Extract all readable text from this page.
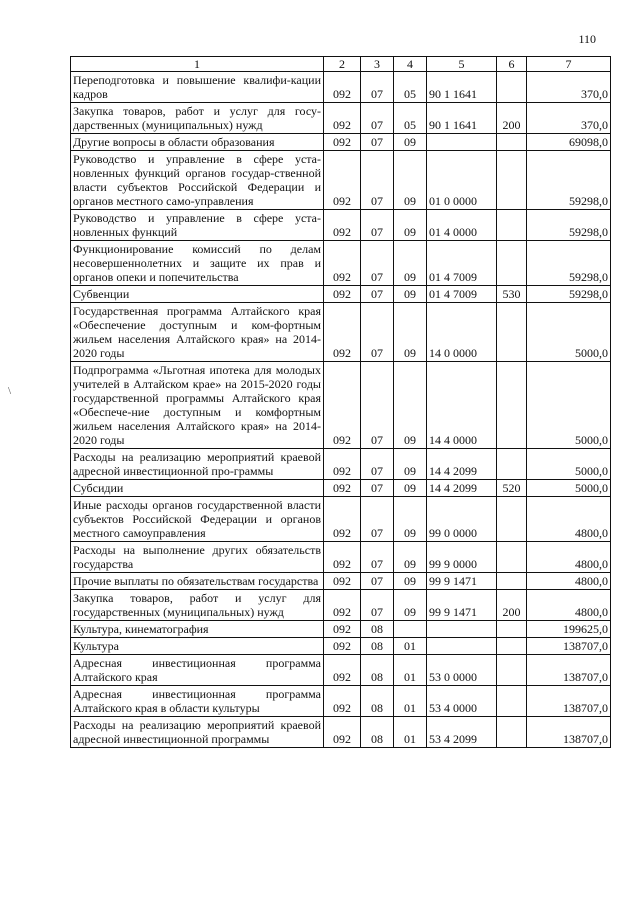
110
\
1	2	3	4	5	6	7
Переподготовка и повышение квалифи-кации кадров	092	07	05	90 1 1641		370,0
Закупка товаров, работ и услуг для госу-дарственных (муниципальных) нужд	092	07	05	90 1 1641	200	370,0
Другие вопросы в области образования	092	07	09			69098,0
Руководство и управление в сфере уста-новленных функций органов государ-ственной власти субъектов Российской Федерации и органов местного само-управления	092	07	09	01 0 0000		59298,0
Руководство и управление в сфере уста-новленных функций	092	07	09	01 4 0000		59298,0
Функционирование комиссий по делам несовершеннолетних и защите их прав и органов опеки и попечительства	092	07	09	01 4 7009		59298,0
Субвенции	092	07	09	01 4 7009	530	59298,0
Государственная программа Алтайского края «Обеспечение доступным и ком-фортным жильем населения Алтайского края» на 2014-2020 годы	092	07	09	14 0 0000		5000,0
Подпрограмма «Льготная ипотека для молодых учителей в Алтайском крае» на 2015-2020 годы государственной программы Алтайского края «Обеспече-ние доступным и комфортным жильем населения Алтайского края» на 2014-2020 годы	092	07	09	14 4 0000		5000,0
Расходы на реализацию мероприятий краевой адресной инвестиционной про-граммы	092	07	09	14 4 2099		5000,0
Субсидии	092	07	09	14 4 2099	520	5000,0
Иные расходы органов государственной власти субъектов Российской Федерации и органов местного самоуправления	092	07	09	99 0 0000		4800,0
Расходы на выполнение других обязательств государства	092	07	09	99 9 0000		4800,0
Прочие выплаты по обязательствам государства	092	07	09	99 9 1471		4800,0
Закупка товаров, работ и услуг для государственных (муниципальных) нужд	092	07	09	99 9 1471	200	4800,0
Культура, кинематография	092	08				199625,0
Культура	092	08	01			138707,0
Адресная инвестиционная программа Алтайского края	092	08	01	53 0 0000		138707,0
Адресная инвестиционная программа Алтайского края в области культуры	092	08	01	53 4 0000		138707,0
Расходы на реализацию мероприятий краевой адресной инвестиционной программы	092	08	01	53 4 2099		138707,0
